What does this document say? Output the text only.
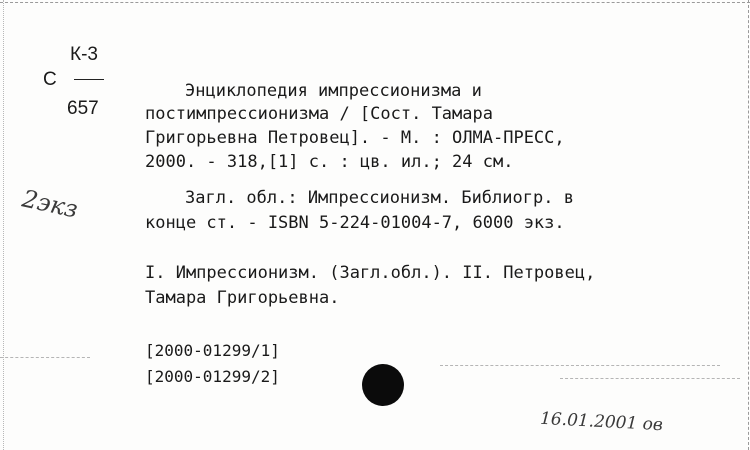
К-3
С
657
Энциклопедия импрессионизма и
постимпрессионизма / [Сост. Тамара
Григорьевна Петровец]. - М. : ОЛМА-ПРЕСС,
2000. - 318,[1] с. : цв. ил.; 24 см.
Загл. обл.: Импрессионизм. Библиогр. в
конце ст. - ISBN 5-224-01004-7, 6000 экз.
I. Импрессионизм. (Загл.обл.). II. Петровец,
Тамара Григорьевна.
[2000-01299/1]
[2000-01299/2]
2экз
16.01.2001 ов
